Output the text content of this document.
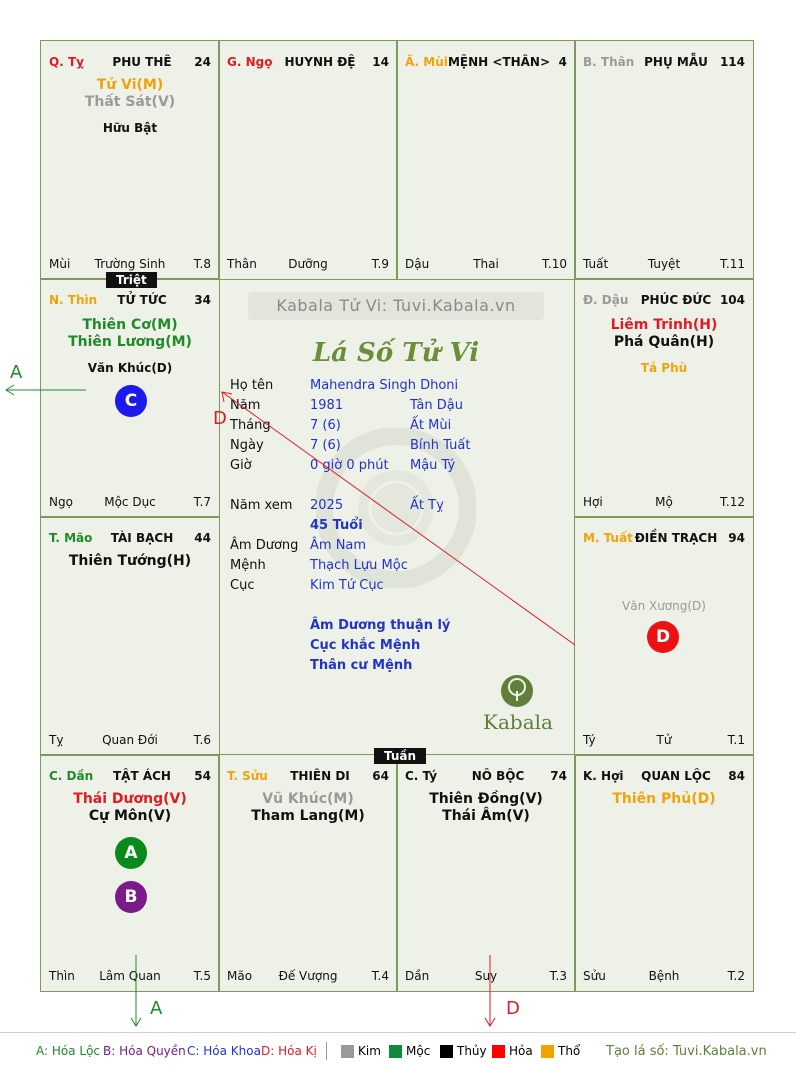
Q. Tỵ	PHU THÊ	24
Tử Vi(M)
Thất Sát(V)
Hữu Bật
Mùi	Trường Sinh	T.8
G. Ngọ	HUYNH ĐỆ	14
Thân	Dưỡng	T.9
Ã. Mùi MỆNH <THÂN> 4
Dậu	Thai	T.10
B. Thân PHỤ MẪU	114
Tuất	Tuyệt	T.11
N. Thìn	TỬ TỨC	34
Thiên Cơ(M)
Thiên Lương(M)
Văn Khúc(D)
C
Ngọ	Mộc Dục	T.7
Đ. Dậu	PHÚC ĐỨC 104
Liêm Trinh(H)
Phá Quân(H)
Tả Phù
Hợi	Mộ	T.12
T. Mão	TÀI BẠCH	44
Thiên Tướng(H)
Tỵ	Quan Đới	T.6
M. Tuất ĐIỀN TRẠCH 94
Văn Xương(D)
D
Tý	Tử	T.1
C. Dần	TẬT ÁCH	54
Thái Dương(V)
Cự Môn(V)
A
B
Thìn	Lâm Quan	T.5
T. Sửu	THIÊN DI	64
Vũ Khúc(M)
Tham Lang(M)
Mão	Đế Vượng	T.4
C. Tý	NÔ BỘC	74
Thiên Đồng(V)
Thái Âm(V)
Dần	Suy	T.3
K. Hợi	QUAN LỘC	84
Thiên Phủ(D)
Sửu	Bệnh	T.2
Kabala Tử Vi: Tuvi.Kabala.vn
Lá Số Tử Vi
Họ tên	Mahendra Singh Dhoni
Năm	1981	Tân Dậu
Tháng	7 (6)	Ất Mùi
Ngày	7 (6)	Bính Tuất
Giờ	0 giờ 0 phút Mậu Tý
Năm xem 2025	Ất Tỵ
45 Tuổi
Âm Dương Âm Nam
Mệnh	Thạch Lựu Mộc
Cục	Kim Tứ Cục
Âm Dương thuận lý
Cục khắc Mệnh
Thân cư Mệnh
Kabala
Triệt
Tuần
A
D
A	D
A: Hóa Lộc B: Hóa Quyền C: Hóa Khoa D: Hóa Kị	Kim Mộc Thủy Hỏa Thổ Tạo lá số: Tuvi.Kabala.vn
